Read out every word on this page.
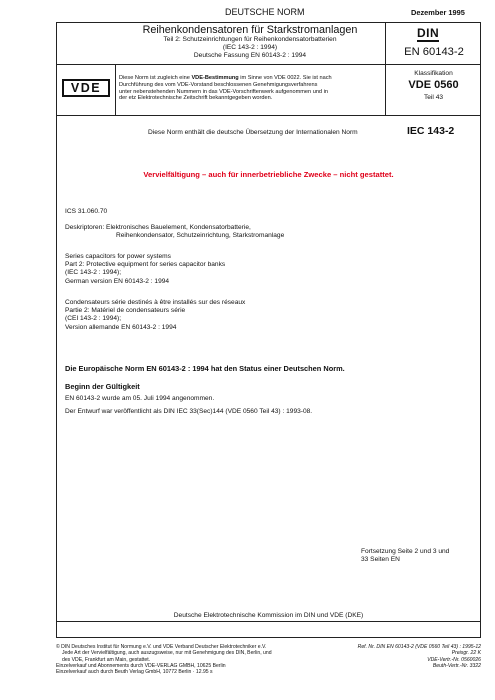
DEUTSCHE NORM	Dezember 1995
Reihenkondensatoren für Starkstromanlagen
Teil 2: Schutzeinrichtungen für Reihenkondensatorbatterien
(IEC 143-2 : 1994)
Deutsche Fassung EN 60143-2 : 1994
DIN
EN 60143-2
VDE
Diese Norm ist zugleich eine VDE-Bestimmung im Sinne von VDE 0022. Sie ist nach
Durchführung des vom VDE-Vorstand beschlossenen Genehmigungsverfahrens
unter nebenstehenden Nummern in das VDE-Vorschriftenwerk aufgenommen und in
der etz Elektrotechnische Zeitschrift bekanntgegeben worden.
Klassifikation
VDE 0560
Teil 43
Diese Norm enthält die deutsche Übersetzung der Internationalen Norm	IEC 143-2
Vervielfältigung – auch für innerbetriebliche Zwecke – nicht gestattet.
ICS 31.060.70
Deskriptoren: Elektronisches Bauelement, Kondensatorbatterie,
Reihenkondensator, Schutzeinrichtung, Starkstromanlage
Series capacitors for power systems
Part 2: Protective equipment for series capacitor banks
(IEC 143-2 : 1994);
German version EN 60143-2 : 1994
Condensateurs série destinés à être installés sur des réseaux
Partie 2: Matériel de condensateurs série
(CEI 143-2 : 1994);
Version allemande EN 60143-2 : 1994
Die Europäische Norm EN 60143-2 : 1994 hat den Status einer Deutschen Norm.
Beginn der Gültigkeit
EN 60143-2 wurde am 05. Juli 1994 angenommen.
Der Entwurf war veröffentlicht als DIN IEC 33(Sec)144 (VDE 0560 Teil 43) : 1993-08.
Fortsetzung Seite 2 und 3 und
33 Seiten EN
Deutsche Elektrotechnische Kommission im DIN und VDE (DKE)
© DIN Deutsches Institut für Normung e.V. und VDE Verband Deutscher Elektrotechniker e.V.
Jede Art der Vervielfältigung, auch auszugsweise, nur mit Genehmigung des DIN, Berlin, und
des VDE, Frankfurt am Main, gestattet.
Einzelverkauf und Abonnements durch VDE-VERLAG GMBH, 10625 Berlin
Einzelverkauf auch durch Beuth Verlag GmbH, 10772 Berlin · 12.95 s
Ref. Nr. DIN EN 60143-2 (VDE 0560 Teil 43) : 1995-12
Preisgr. 22 K
VDE-Vertr.-Nr. 0560026
Beuth-Vertr.-Nr. 3322
